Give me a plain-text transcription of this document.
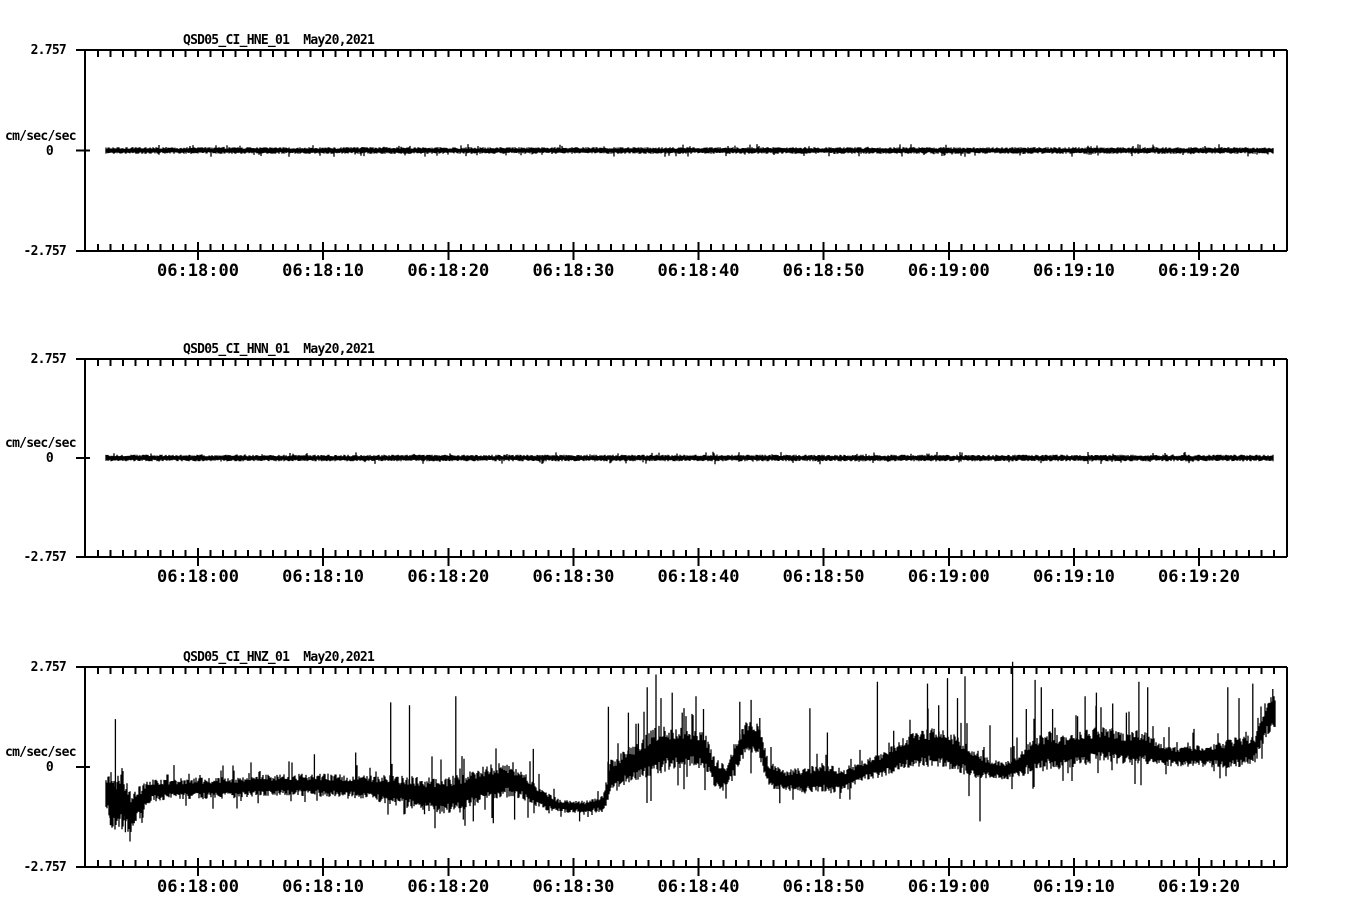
QSD05_CI_HNE_01  May20,2021
2.757
cm/sec/sec
0
-2.757
06:18:00	06:18:10	06:18:20	06:18:30	06:18:40	06:18:50	06:19:00	06:19:10	06:19:20
QSD05_CI_HNN_01  May20,2021
2.757
cm/sec/sec
0
-2.757
06:18:00	06:18:10	06:18:20	06:18:30	06:18:40	06:18:50	06:19:00	06:19:10	06:19:20
QSD05_CI_HNZ_01  May20,2021
2.757
cm/sec/sec
0
-2.757
06:18:00	06:18:10	06:18:20	06:18:30	06:18:40	06:18:50	06:19:00	06:19:10	06:19:20
